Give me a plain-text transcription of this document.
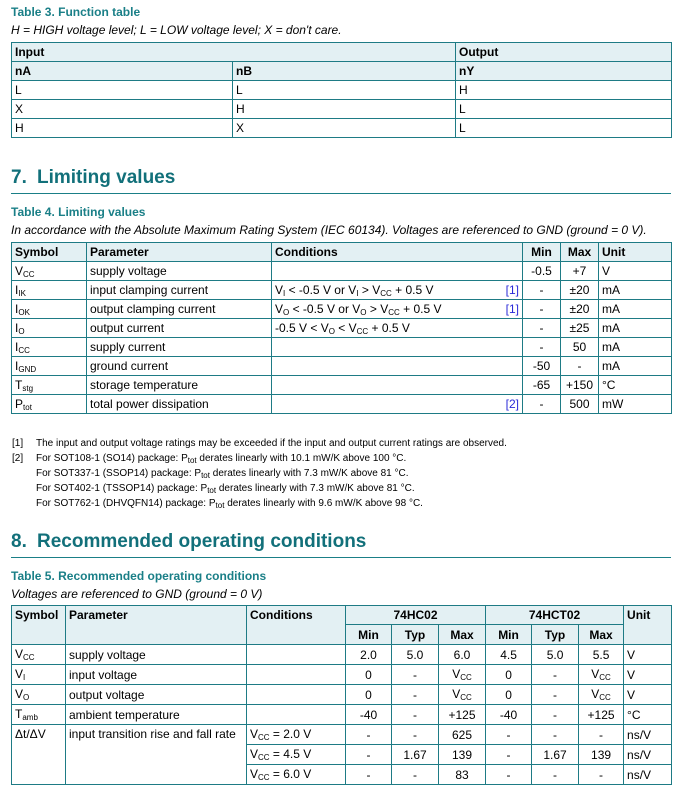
Table 3. Function table
H = HIGH voltage level; L = LOW voltage level; X = don't care.
Input		Output
nA	nB	nY
L	L	H
X	H	L
H	X	L
7. Limiting values
Table 4. Limiting values
In accordance with the Absolute Maximum Rating System (IEC 60134). Voltages are referenced to GND (ground = 0 V).
Symbol	Parameter	Conditions	Min	Max	Unit
$V_{CC}$	supply voltage		-0.5	+7	V
$I_{IK}$	input clamping current	$V_I < -0.5$ V or $V_I > V_{CC} + 0.5$ V [1]	-	±20	mA
$I_{OK}$	output clamping current	$V_O < -0.5$ V or $V_O > V_{CC} + 0.5$ V [1]	-	±20	mA
$I_O$	output current	-0.5 $V < V_O < V_{CC} + 0.5$ V	-	±25	mA
$I_{CC}$	supply current		-	50	mA
$I_{GND}$	ground current		-50	-	mA
$T_{stg}$	storage temperature		-65	+150	°C
$P_{tot}$	total power dissipation	[2]	-	500	mW
[1] The input and output voltage ratings may be exceeded if the input and output current ratings are observed.
[2] For SOT108-1 (SO14) package: $P_{tot}$ derates linearly with 10.1 mW/K above 100 °C.
For SOT337-1 (SSOP14) package: $P_{tot}$ derates linearly with 7.3 mW/K above 81 °C.
For SOT402-1 (TSSOP14) package: $P_{tot}$ derates linearly with 7.3 mW/K above 81 °C.
For SOT762-1 (DHVQFN14) package: $P_{tot}$ derates linearly with 9.6 mW/K above 98 °C.
8. Recommended operating conditions
Table 5. Recommended operating conditions
Voltages are referenced to GND (ground = 0 V)
Symbol	Parameter	Conditions	74HC02			74HCT02			Unit
			Min	Typ	Max	Min	Typ	Max	
$V_{CC}$	supply voltage		2.0	5.0	6.0	4.5	5.0	5.5	V
$V_I$	input voltage		0	-	$V_{CC}$	0	-	$V_{CC}$	V
$V_O$	output voltage		0	-	$V_{CC}$	0	-	$V_{CC}$	V
$T_{amb}$	ambient temperature		-40	-	+125	-40	-	+125	°C
Δt/ΔV	input transition rise and fall rate	$V_{CC} = 2.0$ V	-	-	625	-	-	-	ns/V
		$V_{CC} = 4.5$ V	-	1.67	139	-	1.67	139	ns/V
		$V_{CC} = 6.0$ V	-	-	83	-	-	-	ns/V
